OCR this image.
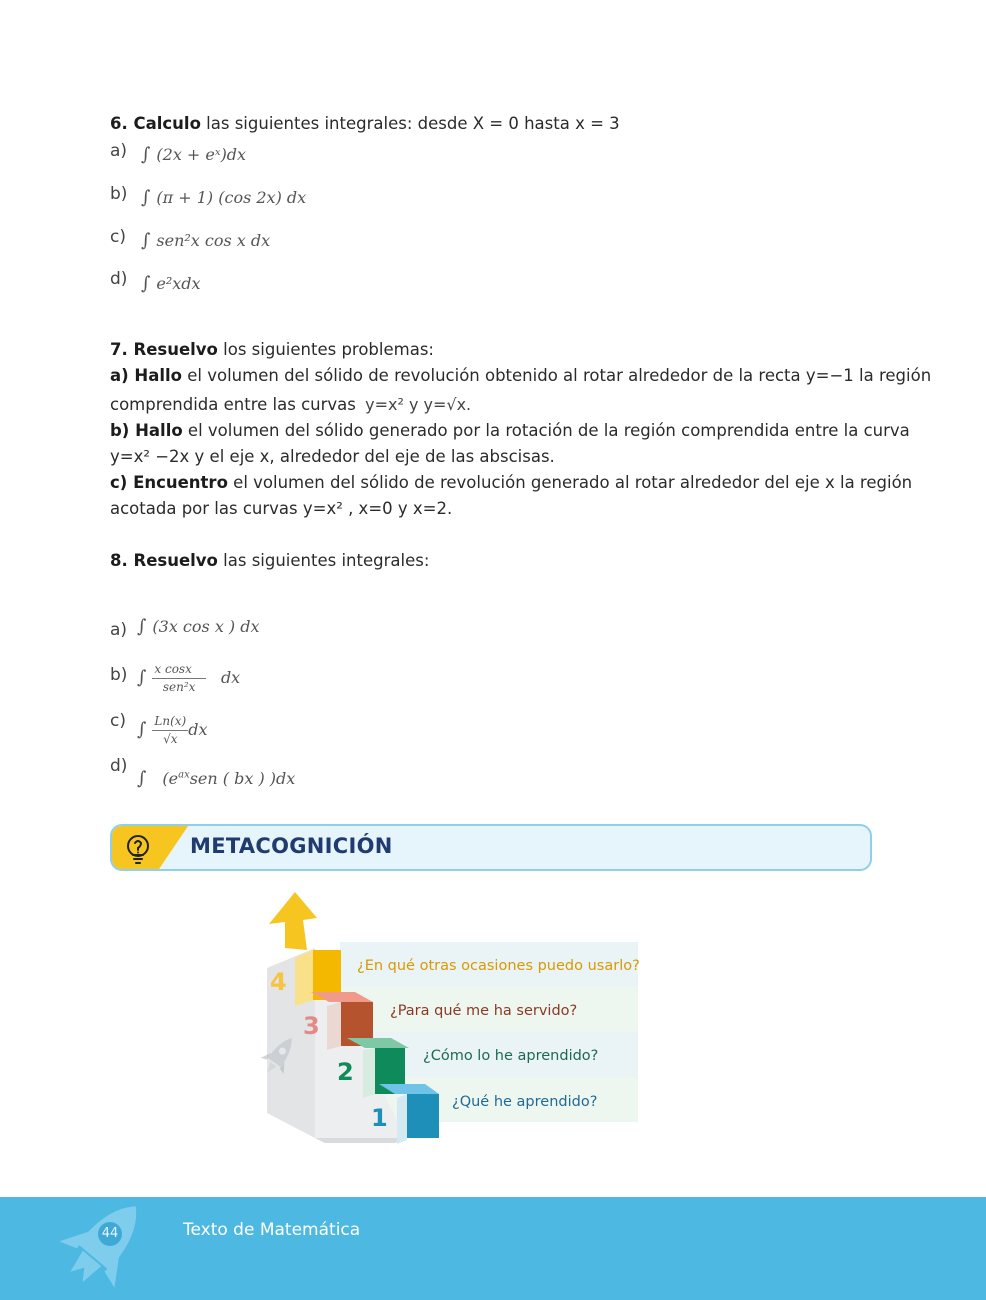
6. Calculo las siguientes integrales: desde X = 0 hasta x = 3
a) ∫ (2x + eˣ)dx
b) ∫ (π + 1) (cos 2x) dx
c) ∫ sen²x cos x dx
d) ∫ e²xdx
7. Resuelvo los siguientes problemas:
a) Hallo el volumen del sólido de revolución obtenido al rotar alrededor de la recta y=−1 la región
comprendida entre las curvas y=x² y y=√x.
b) Hallo el volumen del sólido generado por la rotación de la región comprendida entre la curva
y=x² −2x y el eje x, alrededor del eje de las abscisas.
c) Encuentro el volumen del sólido de revolución generado al rotar alrededor del eje x la región
acotada por las curvas y=x² , x=0 y x=2.
8. Resuelvo las siguientes integrales:
a) ∫ (3x cos x ) dx
b) ∫ $\frac{\text{x cosx}}{\text{sen²x}}$ dx
c) ∫ $\frac{Ln(x)}{√x}$ dx
d)
∫ ($e^{ax}sen$ ( bx ) )dx
METACOGNICIÓN
4
3
2
1
¿En qué otras ocasiones puedo usarlo?
¿Para qué me ha servido?
¿Cómo lo he aprendido?
¿Qué he aprendido?
44	Texto de Matemática
